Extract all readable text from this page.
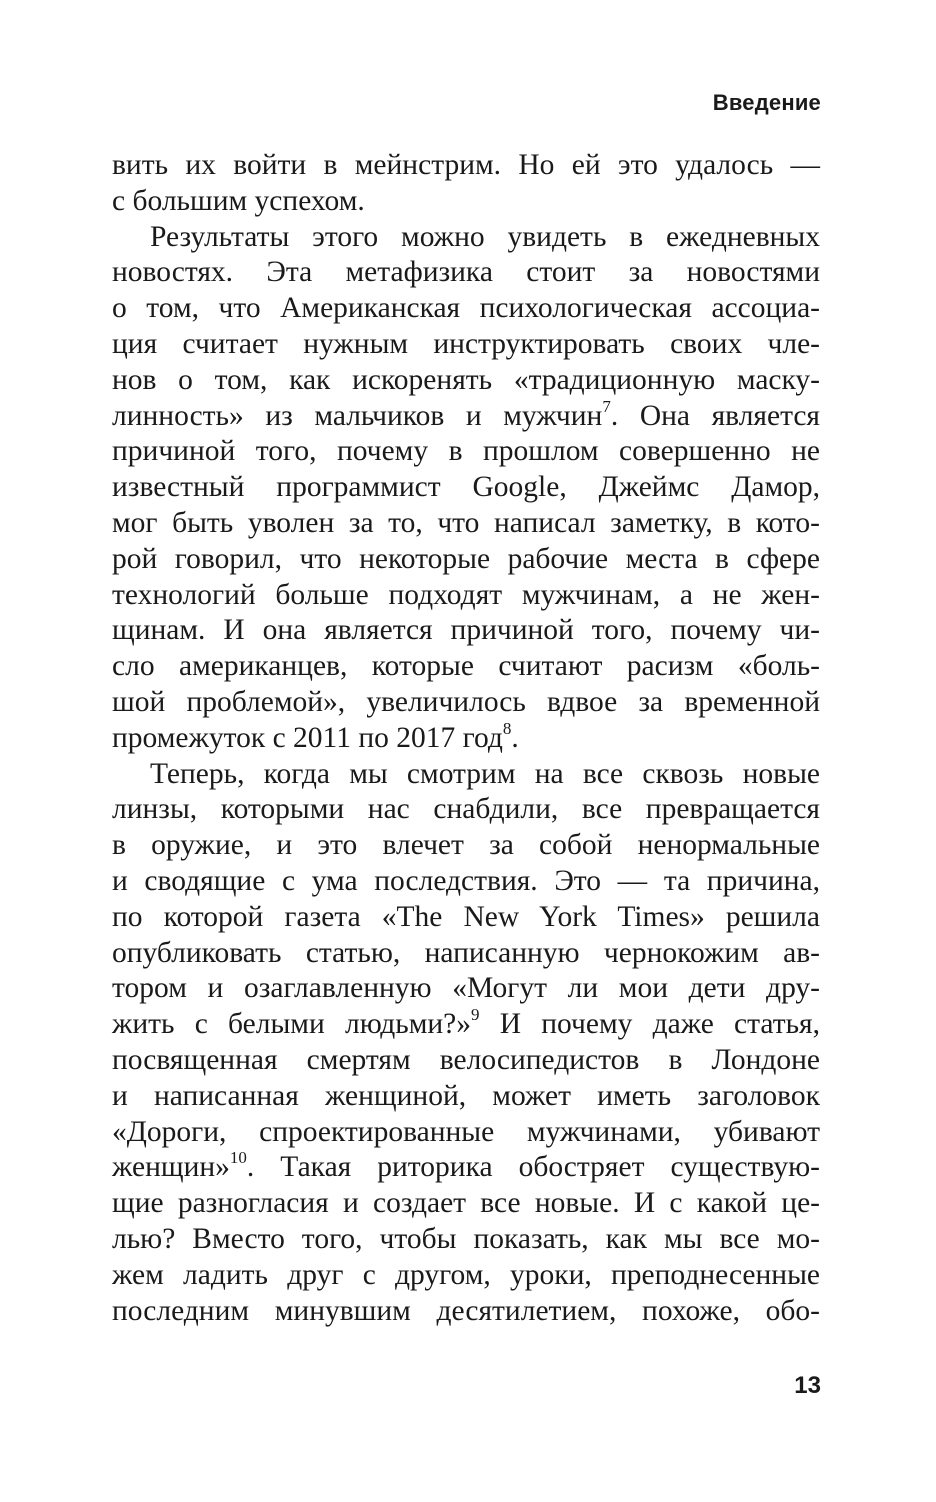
Введение
вить их войти в мейнстрим. Но ей это удалось —
с большим успехом.
Результаты этого можно увидеть в ежедневных
новостях. Эта метафизика стоит за новостями
о том, что Американская психологическая ассоциа-
ция считает нужным инструктировать своих чле-
нов о том, как искоренять «традиционную маску-
линность» из мальчиков и мужчин$^7$. Она является
причиной того, почему в прошлом совершенно не
известный программист Google, Джеймс Дамор,
мог быть уволен за то, что написал заметку, в кото-
рой говорил, что некоторые рабочие места в сфере
технологий больше подходят мужчинам, а не жен-
щинам. И она является причиной того, почему чи-
сло американцев, которые считают расизм «боль-
шой проблемой», увеличилось вдвое за временной
промежуток с 2011 по 2017 год$^8$.
Теперь, когда мы смотрим на все сквозь новые
линзы, которыми нас снабдили, все превращается
в оружие, и это влечет за собой ненормальные
и сводящие с ума последствия. Это — та причина,
по которой газета «The New York Times» решила
опубликовать статью, написанную чернокожим ав-
тором и озаглавленную «Могут ли мои дети дру-
жить с белыми людьми?»$^9$ И почему даже статья,
посвященная смертям велосипедистов в Лондоне
и написанная женщиной, может иметь заголовок
«Дороги, спроектированные мужчинами, убивают
женщин»$^{10}$. Такая риторика обостряет существую-
щие разногласия и создает все новые. И с какой це-
лью? Вместо того, чтобы показать, как мы все мо-
жем ладить друг с другом, уроки, преподнесенные
последним минувшим десятилетием, похоже, обо-
13
